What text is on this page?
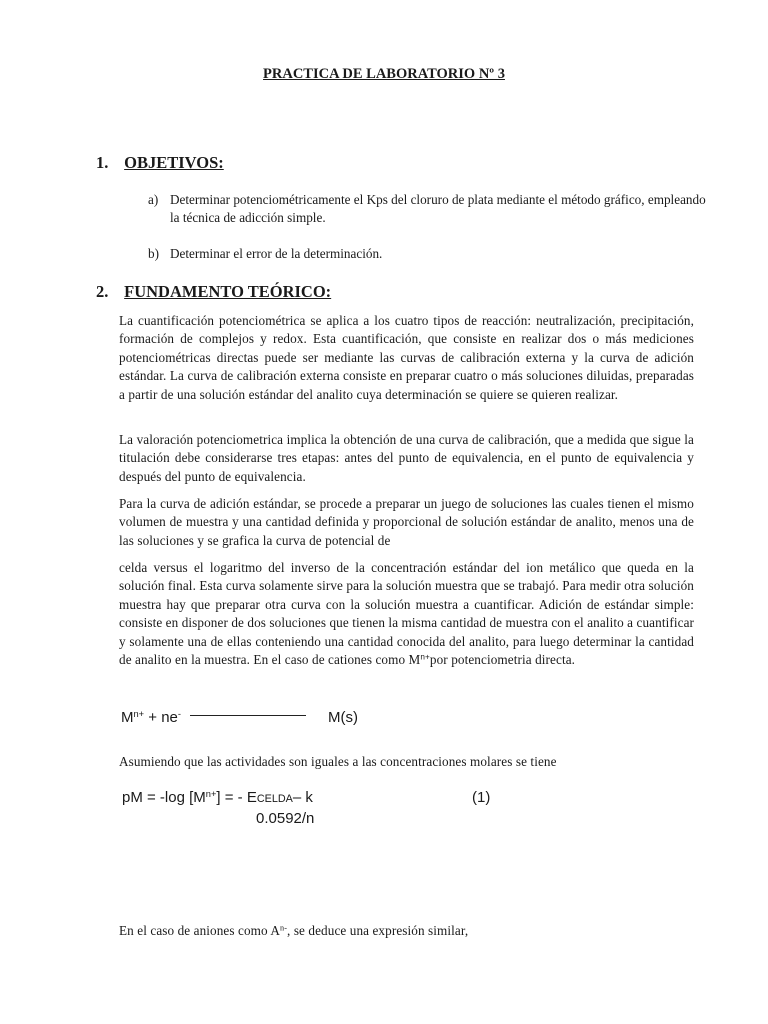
PRACTICA DE LABORATORIO Nº 3
1. OBJETIVOS:
a) Determinar potenciométricamente el Kps del cloruro de plata mediante el método gráfico, empleando la técnica de adicción simple.
b) Determinar el error de la determinación.
2. FUNDAMENTO TEÓRICO:
La cuantificación potenciométrica se aplica a los cuatro tipos de reacción: neutralización, precipitación, formación de complejos y redox. Esta cuantificación, que consiste en realizar dos o más mediciones potenciométricas directas puede ser mediante las curvas de calibración externa y la curva de adición estándar. La curva de calibración externa consiste en preparar cuatro o más soluciones diluidas, preparadas a partir de una solución estándar del analito cuya determinación se quiere se quieren realizar.
La valoración potenciometrica implica la obtención de una curva de calibración, que a medida que sigue la titulación debe considerarse tres etapas: antes del punto de equivalencia, en el punto de equivalencia y después del punto de equivalencia.
Para la curva de adición estándar, se procede a preparar un juego de soluciones las cuales tienen el mismo volumen de muestra y una cantidad definida y proporcional de solución estándar de analito, menos una de las soluciones y se grafica la curva de potencial de
celda versus el logaritmo del inverso de la concentración estándar del ion metálico que queda en la solución final. Esta curva solamente sirve para la solución muestra que se trabajó. Para medir otra solución muestra hay que preparar otra curva con la solución muestra a cuantificar. Adición de estándar simple: consiste en disponer de dos soluciones que tienen la misma cantidad de muestra con el analito a cuantificar y solamente una de ellas conteniendo una cantidad conocida del analito, para luego determinar la cantidad de analito en la muestra. En el caso de cationes como $M^{n+}por$ potenciometria directa.
$M^{n+} + ne^-$	M(s)
Asumiendo que las actividades son iguales a las concentraciones molares se tiene
pM = -log $[M^{n+}]$ = - ECELDA– k
0.0592/n
(1)
En el caso de aniones como $A^{n-}$, se deduce una expresión similar,
